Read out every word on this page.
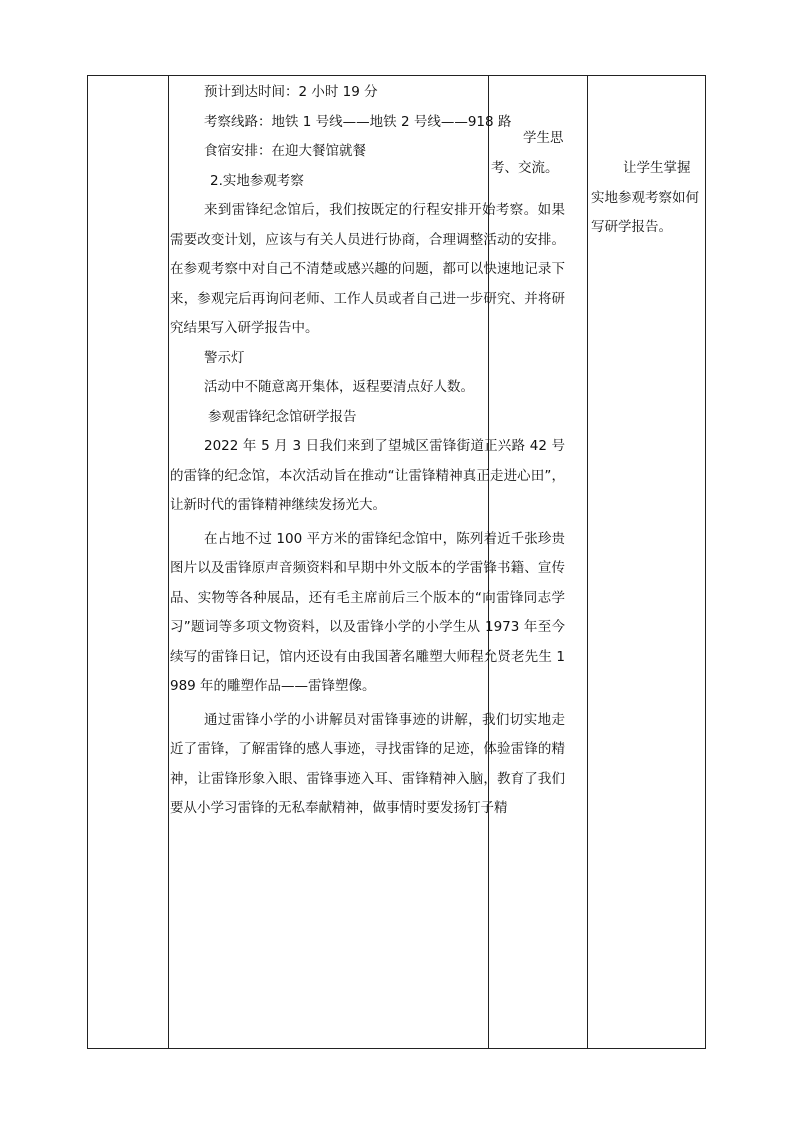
预计到达时间：2 小时 19 分

考察线路：地铁 1 号线——地铁 2 号线——918 路

食宿安排：在迎大餐馆就餐

2.实地参观考察

来到雷锋纪念馆后，我们按既定的行程安排开始考察。如果需要改变计划，应该与有关人员进行协商，合理调整活动的安排。在参观考察中对自己不清楚或感兴趣的问题，都可以快速地记录下来，参观完后再询问老师、工作人员或者自己进一步研究、并将研究结果写入研学报告中。

警示灯

活动中不随意离开集体，返程要清点好人数。

参观雷锋纪念馆研学报告

2022 年 5 月 3 日我们来到了望城区雷锋街道正兴路 42 号的雷锋的纪念馆，本次活动旨在推动“让雷锋精神真正走进心田”， 让新时代的雷锋精神继续发扬光大。

在占地不过 100 平方米的雷锋纪念馆中，陈列着近千张珍贵图片以及雷锋原声音频资料和早期中外文版本的学雷锋书籍、宣传品、实物等各种展品，还有毛主席前后三个版本的“向雷锋同志学习”题词等多项文物资料，以及雷锋小学的小学生从 1973 年至今续写的雷锋日记，馆内还设有由我国著名雕塑大师程允贤老先生 1989 年的雕塑作品——雷锋塑像。

通过雷锋小学的小讲解员对雷锋事迹的讲解，我们切实地走近了雷锋，了解雷锋的感人事迹，寻找雷锋的足迹，体验雷锋的精神，让雷锋形象入眼、雷锋事迹入耳、雷锋精神入脑，教育了我们要从小学习雷锋的无私奉献精神，做事情时要发扬钉子精

学生思考、交流。	让学生掌握实地参观考察如何写研学报告。
